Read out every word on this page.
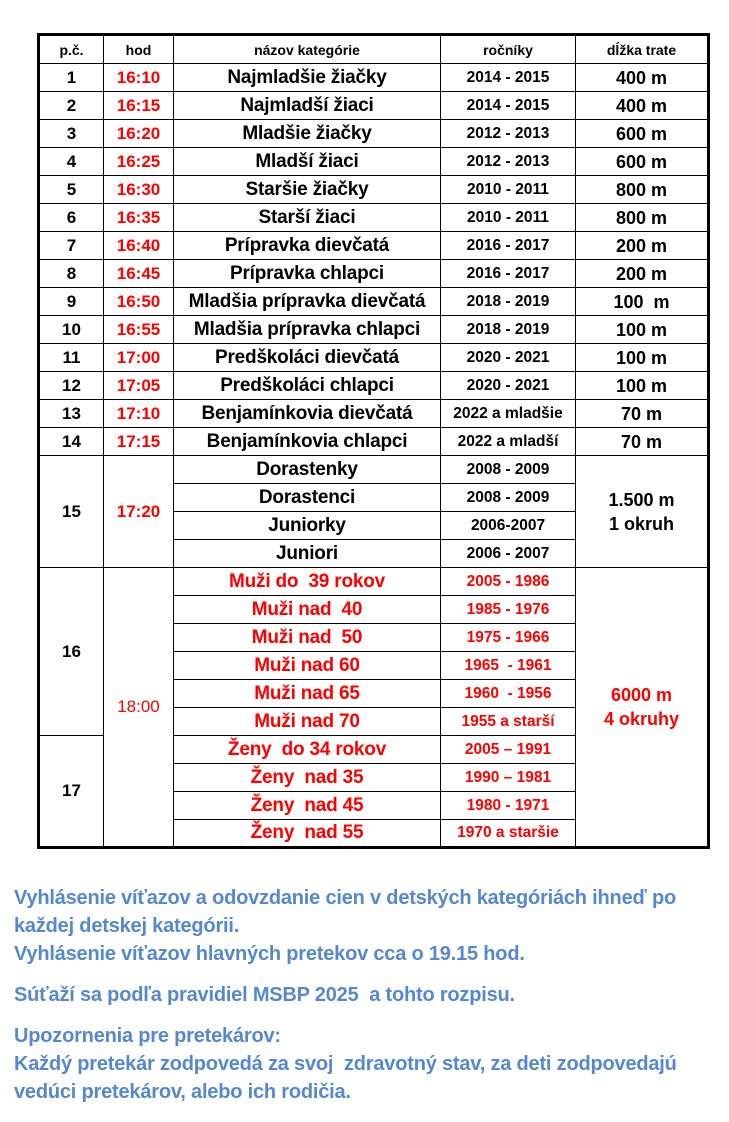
p.č.	hod	názov kategórie	ročníky	dĺžka trate
1	16:10	Najmladšie žiačky	2014 - 2015	400 m
2	16:15	Najmladší žiaci	2014 - 2015	400 m
3	16:20	Mladšie žiačky	2012 - 2013	600 m
4	16:25	Mladší žiaci	2012 - 2013	600 m
5	16:30	Staršie žiačky	2010 - 2011	800 m
6	16:35	Starší žiaci	2010 - 2011	800 m
7	16:40	Prípravka dievčatá	2016 - 2017	200 m
8	16:45	Prípravka chlapci	2016 - 2017	200 m
9	16:50	Mladšia prípravka dievčatá	2018 - 2019	100  m
10	16:55	Mladšia prípravka chlapci	2018 - 2019	100 m
11	17:00	Predškoláci dievčatá	2020 - 2021	100 m
12	17:05	Predškoláci chlapci	2020 - 2021	100 m
13	17:10	Benjamínkovia dievčatá	2022 a mladšie	70 m
14	17:15	Benjamínkovia chlapci	2022 a mladší	70 m
15	17:20	Dorastenky	2008 - 2009	1.500 m
1 okruh

		Dorastenci	2008 - 2009	
		Juniorky	2006-2007	
		Juniori	2006 - 2007	
16	18:00	Muži do  39 rokov	2005 - 1986	6000 m
4 okruhy

		Muži nad  40	1985 - 1976	
		Muži nad  50	1975 - 1966	
		Muži nad 60	1965  - 1961	
		Muži nad 65	1960  - 1956	
		Muži nad 70	1955 a starší	
17		Ženy  do 34 rokov	2005 – 1991	
		Ženy  nad 35	1990 – 1981	
		Ženy  nad 45	1980 - 1971	
		Ženy  nad 55	1970 a staršie	
Vyhlásenie víťazov a odovzdanie cien v detských kategóriách ihneď po
každej detskej kategórii.
Vyhlásenie víťazov hlavných pretekov cca o 19.15 hod.
Súťaží sa podľa pravidiel MSBP 2025  a tohto rozpisu.
Upozornenia pre pretekárov:
Každý pretekár zodpovedá za svoj  zdravotný stav, za deti zodpovedajú
vedúci pretekárov, alebo ich rodičia.
